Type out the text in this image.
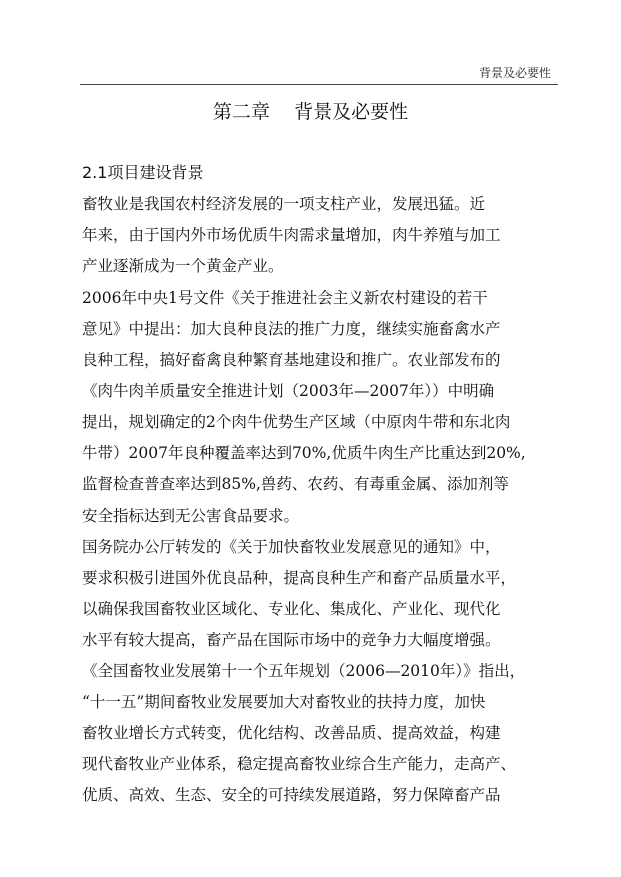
背景及必要性
第二章    背景及必要性
2.1项目建设背景
畜牧业是我国农村经济发展的一项支柱产业，发展迅猛。近
年来，由于国内外市场优质牛肉需求量增加，肉牛养殖与加工
产业逐渐成为一个黄金产业。
2006年中央1号文件《关于推进社会主义新农村建设的若干
意见》中提出：加大良种良法的推广力度，继续实施畜禽水产
良种工程，搞好畜禽良种繁育基地建设和推广。农业部发布的
《肉牛肉羊质量安全推进计划（2003年—2007年））中明确
提出，规划确定的2个肉牛优势生产区域（中原肉牛带和东北肉
牛带）2007年良种覆盖率达到70%,优质牛肉生产比重达到20%,
监督检查普查率达到85%,兽药、农药、有毒重金属、添加剂等
安全指标达到无公害食品要求。
国务院办公厅转发的《关于加快畜牧业发展意见的通知》中，
要求积极引进国外优良品种，提高良种生产和畜产品质量水平，
以确保我国畜牧业区域化、专业化、集成化、产业化、现代化
水平有较大提高，畜产品在国际市场中的竞争力大幅度增强。
《全国畜牧业发展第十一个五年规划（2006—2010年）》指出，
“十一五”期间畜牧业发展要加大对畜牧业的扶持力度，加快
畜牧业增长方式转变，优化结构、改善品质、提高效益，构建
现代畜牧业产业体系，稳定提高畜牧业综合生产能力，走高产、
优质、高效、生态、安全的可持续发展道路，努力保障畜产品
